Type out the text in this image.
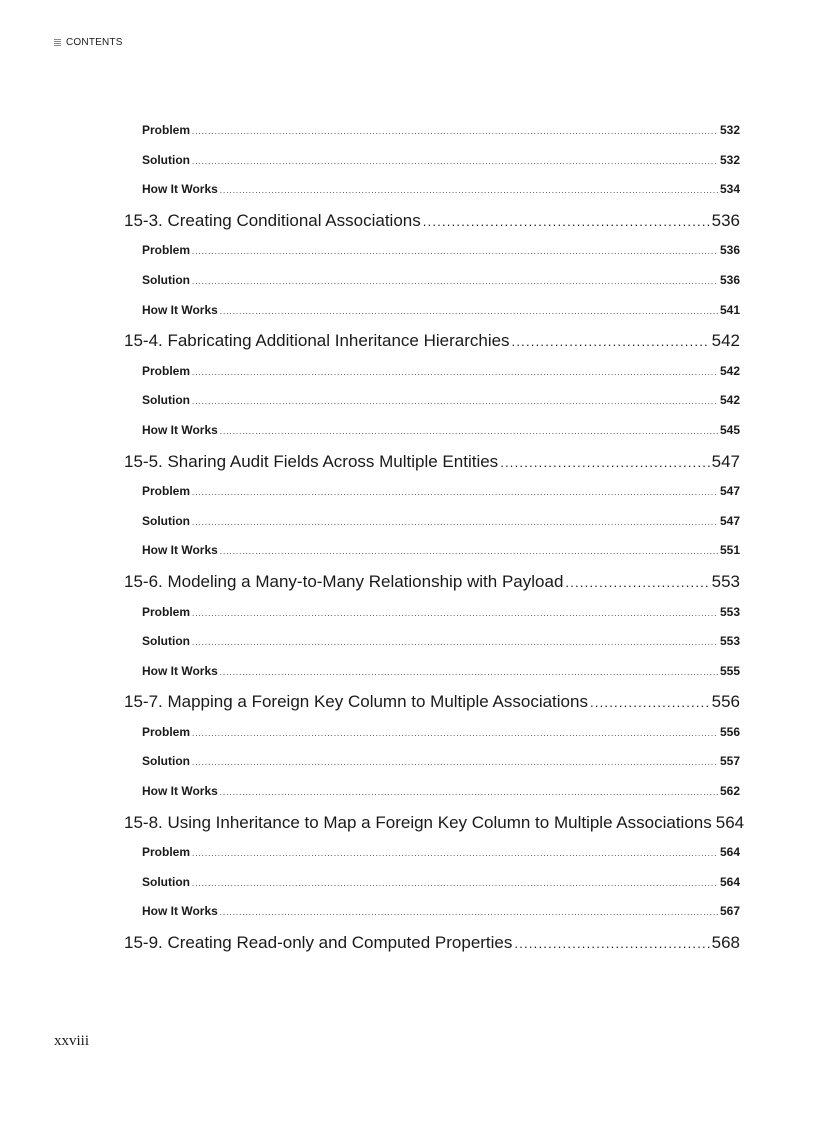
CONTENTS
Problem .....	532
Solution .....	532
How It Works .....	534
15-3. Creating Conditional Associations .....	536
Problem .....	536
Solution .....	536
How It Works .....	541
15-4. Fabricating Additional Inheritance Hierarchies .....	542
Problem .....	542
Solution .....	542
How It Works .....	545
15-5. Sharing Audit Fields Across Multiple Entities .....	547
Problem .....	547
Solution .....	547
How It Works .....	551
15-6. Modeling a Many-to-Many Relationship with Payload .....	553
Problem .....	553
Solution .....	553
How It Works .....	555
15-7. Mapping a Foreign Key Column to Multiple Associations .....	556
Problem .....	556
Solution .....	557
How It Works .....	562
15-8. Using Inheritance to Map a Foreign Key Column to Multiple Associations 564
Problem .....	564
Solution .....	564
How It Works .....	567
15-9. Creating Read-only and Computed Properties .....	568
xxviii
